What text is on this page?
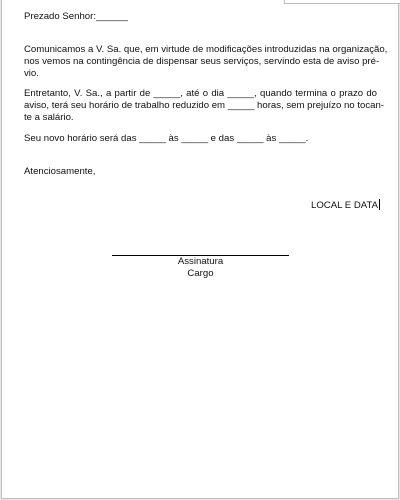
Prezado Senhor:______
Comunicamos a V. Sa. que, em virtude de modificações introduzidas na organização,
nos vemos na contingência de dispensar seus serviços, servindo esta de aviso pré-
vio.
Entretanto, V. Sa., a partir de _____, até o dia _____, quando termina o prazo do
aviso, terá seu horário de trabalho reduzido em _____ horas, sem prejuízo no tocan-
te a salário.
Seu novo horário será das _____ às _____ e das _____ às _____.
Atenciosamente,
LOCAL E DATA
Assinatura
Cargo
